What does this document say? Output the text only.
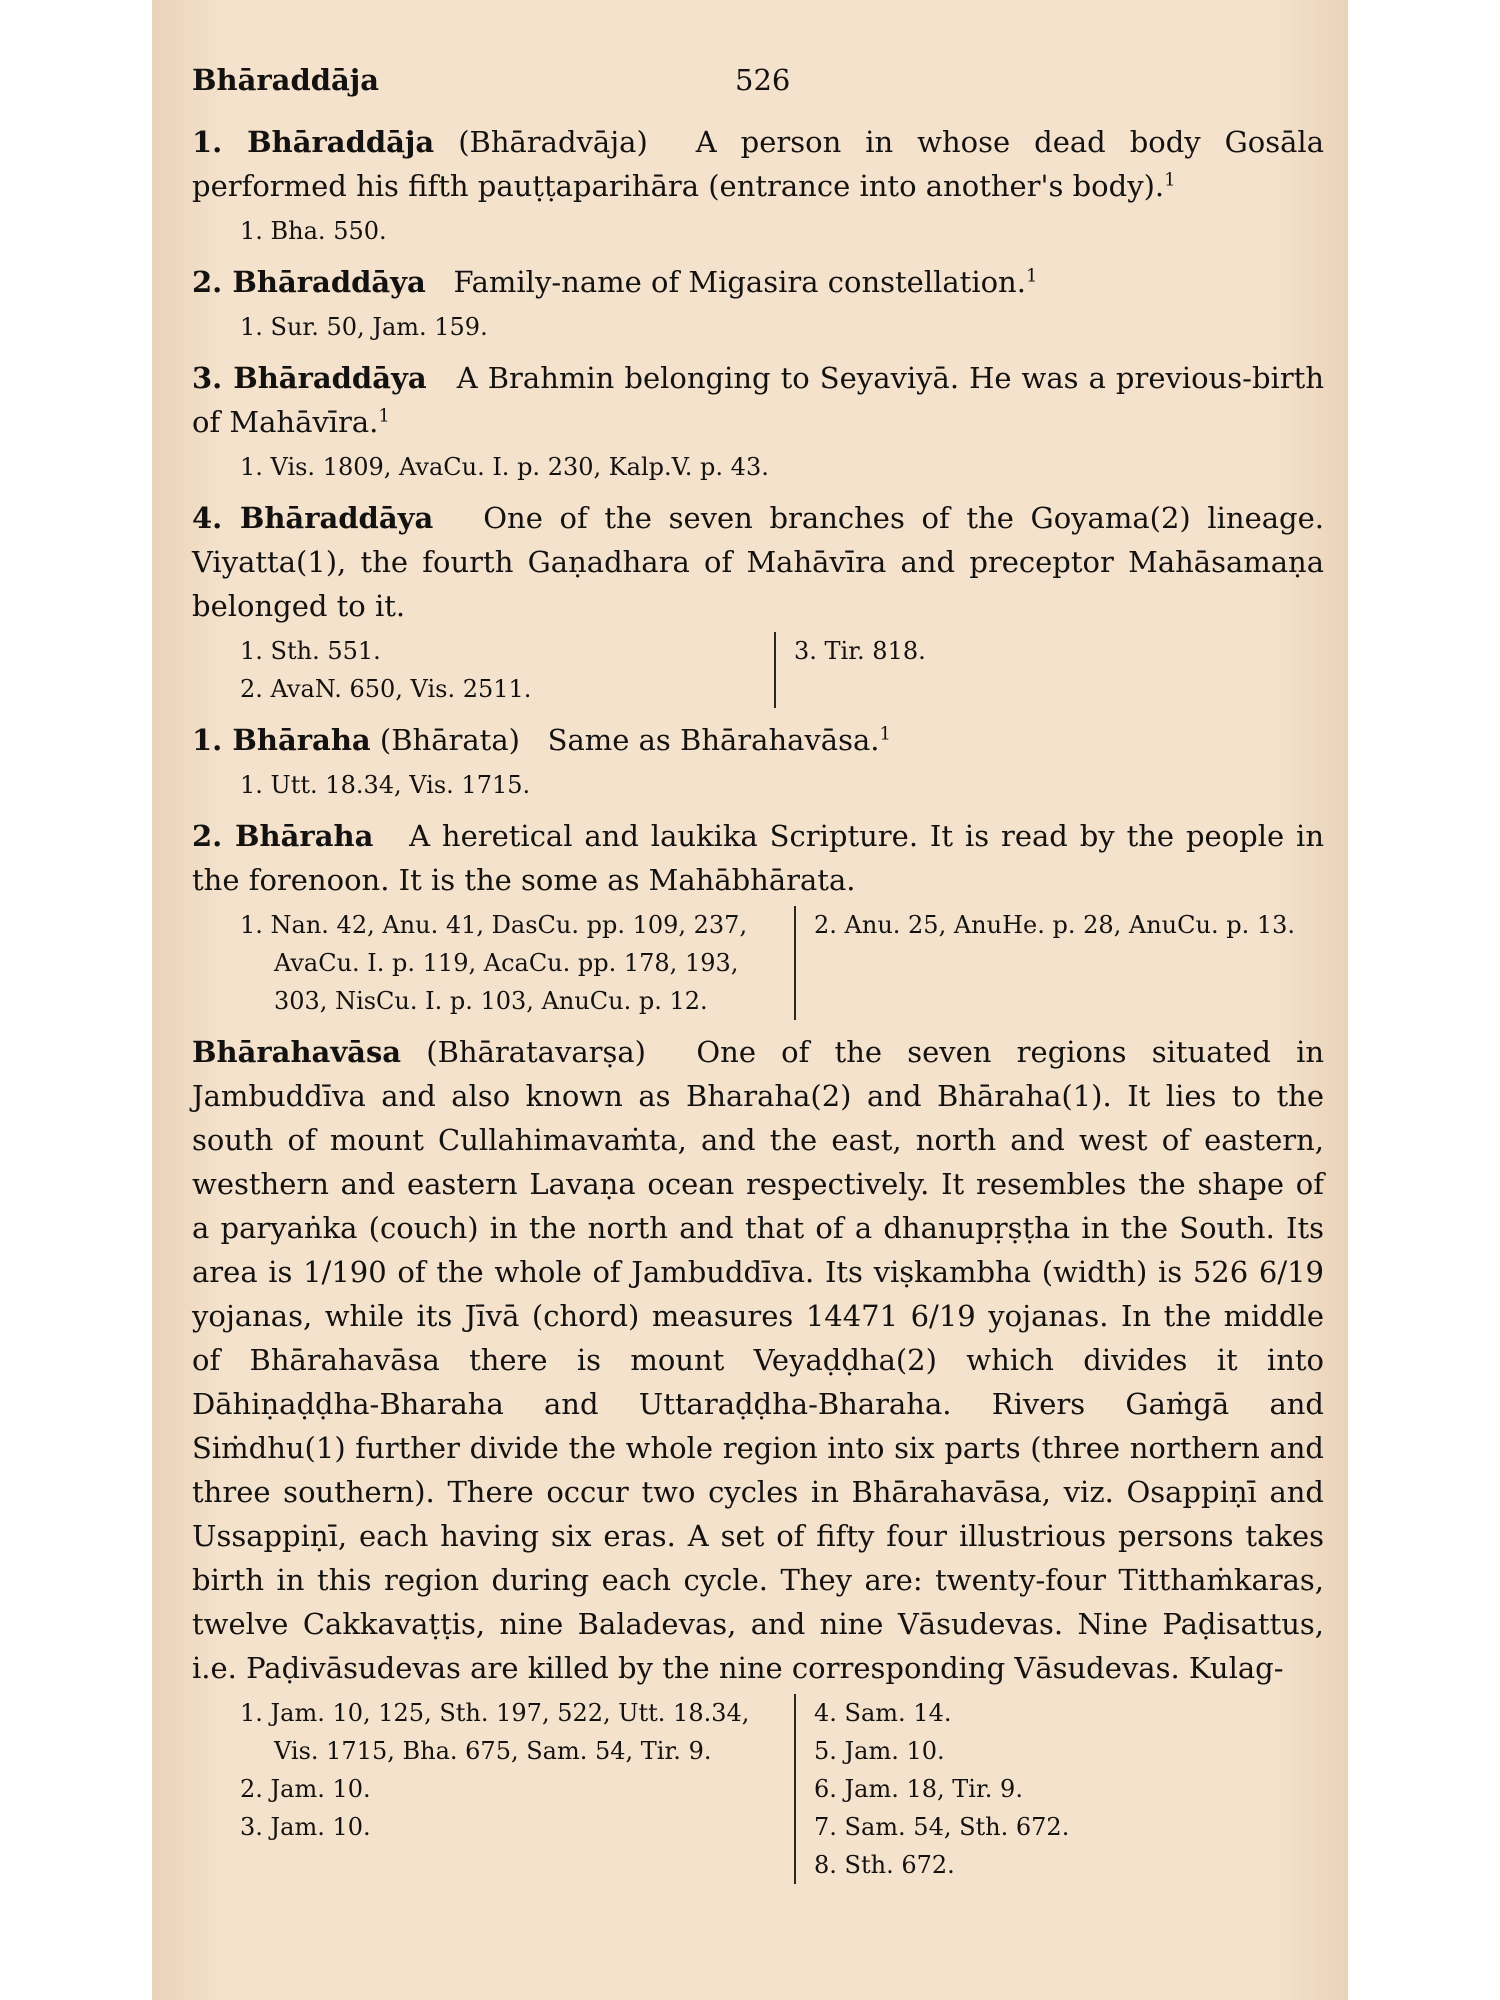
Bhāraddāja	526

1. Bhāraddāja (Bhāradvāja) A person in whose dead body Gosāla performed his fifth pauṭṭaparihāra (entrance into another's body).$^1$

1. Bha. 550.

2. Bhāraddāya Family-name of Migasira constellation.$^1$

1. Sur. 50, Jam. 159.

3. Bhāraddāya A Brahmin belonging to Seyaviyā. He was a previous-birth of Mahāvīra.$^1$

1. Vis. 1809, AvaCu. I. p. 230, Kalp.V. p. 43.

4. Bhāraddāya One of the seven branches of the Goyama(2) lineage. Viyatta(1), the fourth Gaṇadhara of Mahāvīra and preceptor Mahāsamaṇa belonged to it.

1. Sth. 551.
2. AvaN. 650, Vis. 2511.
3. Tir. 818.

1. Bhāraha (Bhārata) Same as Bhārahavāsa.$^1$

1. Utt. 18.34, Vis. 1715.

2. Bhāraha A heretical and laukika Scripture. It is read by the people in the forenoon. It is the some as Mahābhārata.

1. Nan. 42, Anu. 41, DasCu. pp. 109, 237, AvaCu. I. p. 119, AcaCu. pp. 178, 193, 303, NisCu. I. p. 103, AnuCu. p. 12.
2. Anu. 25, AnuHe. p. 28, AnuCu. p. 13.

Bhārahavāsa (Bhāratavarṣa) One of the seven regions situated in Jambuddīva and also known as Bharaha(2) and Bhāraha(1). It lies to the south of mount Cullahimavaṁta, and the east, north and west of eastern, westhern and eastern Lavaṇa ocean respectively. It resembles the shape of a paryaṅka (couch) in the north and that of a dhanupṛṣṭha in the South. Its area is 1/190 of the whole of Jambuddīva. Its viṣkambha (width) is 526 6/19 yojanas, while its Jīvā (chord) measures 14471 6/19 yojanas. In the middle of Bhārahavāsa there is mount Veyaḍḍha(2) which divides it into Dāhiṇaḍḍha-Bharaha and Uttaraḍḍha-Bharaha. Rivers Gaṁgā and Siṁdhu(1) further divide the whole region into six parts (three northern and three southern). There occur two cycles in Bhārahavāsa, viz. Osappiṇī and Ussappiṇī, each having six eras. A set of fifty four illustrious persons takes birth in this region during each cycle. They are: twenty-four Titthaṁkaras, twelve Cakkavaṭṭis, nine Baladevas, and nine Vāsudevas. Nine Paḍisattus, i.e. Paḍivāsudevas are killed by the nine corresponding Vāsudevas. Kulag-

1. Jam. 10, 125, Sth. 197, 522, Utt. 18.34, Vis. 1715, Bha. 675, Sam. 54, Tir. 9.
2. Jam. 10.
3. Jam. 10.
4. Sam. 14.
5. Jam. 10.
6. Jam. 18, Tir. 9.
7. Sam. 54, Sth. 672.
8. Sth. 672.
